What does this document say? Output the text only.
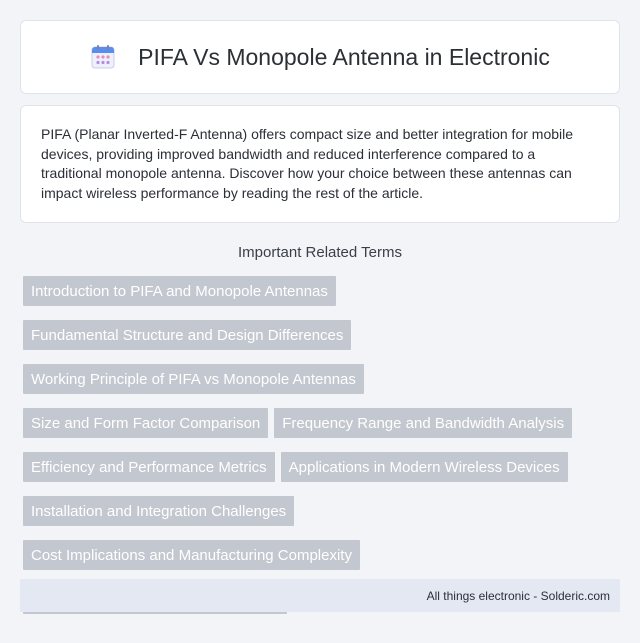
PIFA Vs Monopole Antenna in Electronic

PIFA (Planar Inverted-F Antenna) offers compact size and better integration for mobile devices, providing improved bandwidth and reduced interference compared to a traditional monopole antenna. Discover how your choice between these antennas can impact wireless performance by reading the rest of the article.

Important Related Terms
Introduction to PIFA and Monopole Antennas
Fundamental Structure and Design Differences
Working Principle of PIFA vs Monopole Antennas
Size and Form Factor Comparison	Frequency Range and Bandwidth Analysis
Efficiency and Performance Metrics	Applications in Modern Wireless Devices
Installation and Integration Challenges
Cost Implications and Manufacturing Complexity
All things electronic - Solderic.com
